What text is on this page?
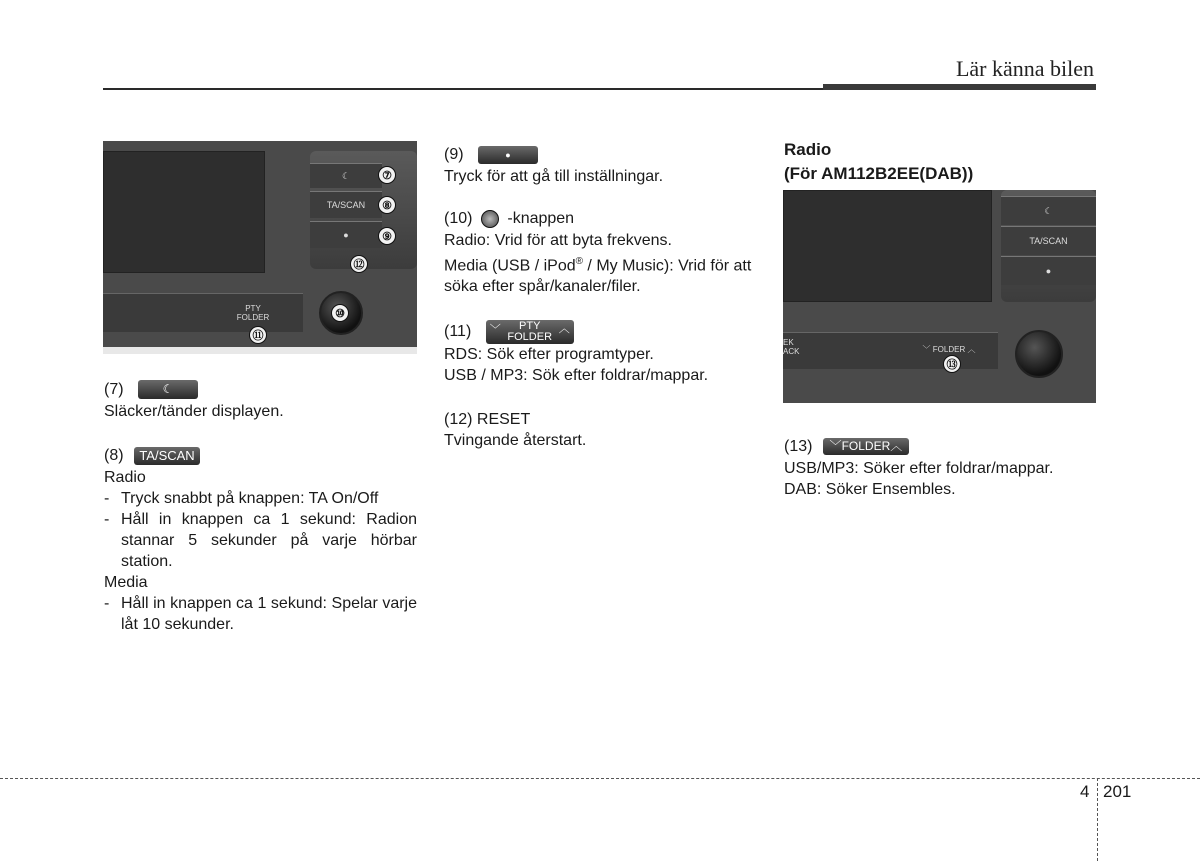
Lär känna bilen
☾
TA/SCAN
●
PTY
FOLDER
⑦
⑧
⑨
⑫
⑩
⑪
(7)	☾
Släcker/tänder displayen.
(8) TA/SCAN
Radio
- Tryck snabbt på knappen: TA On/Off
- Håll in knappen ca 1 sekund: Radion stannar 5 sekunder på varje hörbar station.
Media
- Håll in knappen ca 1 sekund: Spelar varje låt 10 sekunder.
(9)	●
Tryck för att gå till inställningar.
(10) -knappen
Radio: Vrid för att byta frekvens.
Media (USB / iPod® / My Music): Vrid för att söka efter spår/kanaler/filer.
(11) ﹀ PTY
FOLDER
︿
RDS: Sök efter programtyper.
USB / MP3: Sök efter foldrar/mappar.
(12) RESET
Tvingande återstart.
Radio
(För AM112B2EE(DAB))
☾
TA/SCAN
●
EK
ACK	﹀ FOLDER ︿
⑬
(13) ﹀FOLDER︿
USB/MP3: Söker efter foldrar/mappar.
DAB: Söker Ensembles.
4 201
